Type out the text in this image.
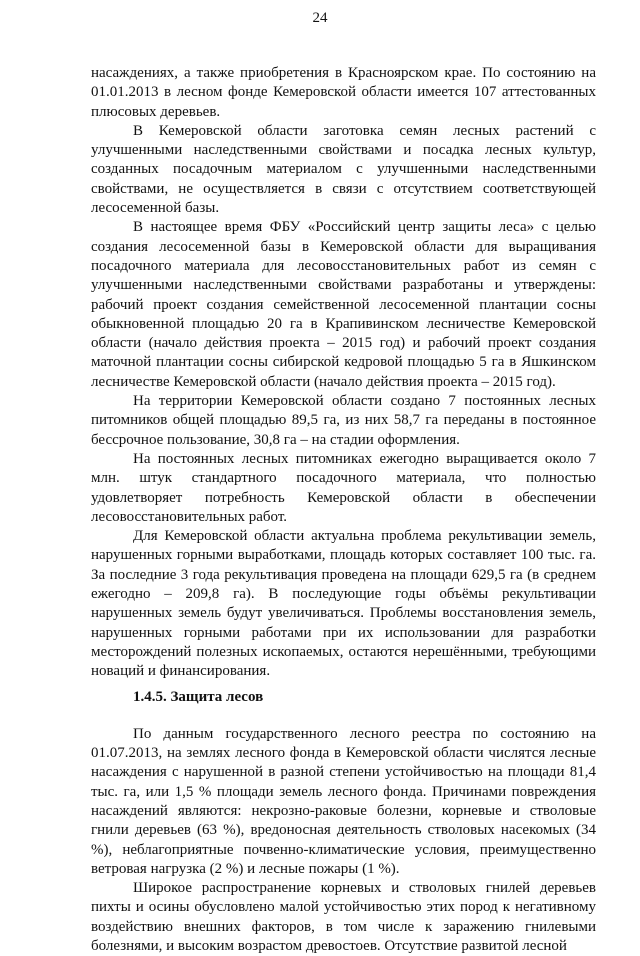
24

насаждениях, а также приобретения в Красноярском крае. По состоянию на 01.01.2013 в лесном фонде Кемеровской области имеется 107 аттестованных плюсовых деревьев.

В Кемеровской области заготовка семян лесных растений с улучшенными наследственными свойствами и посадка лесных культур, созданных посадочным материалом с улучшенными наследственными свойствами, не осуществляется в связи с отсутствием соответствующей лесосеменной базы.

В настоящее время ФБУ «Российский центр защиты леса» с целью создания лесосеменной базы в Кемеровской области для выращивания посадочного материала для лесовосстановительных работ из семян с улучшенными наследственными свойствами разработаны и утверждены: рабочий проект создания семейственной лесосеменной плантации сосны обыкновенной площадью 20 га в Крапивинском лесничестве Кемеровской области (начало действия проекта – 2015 год) и рабочий проект создания маточной плантации сосны сибирской кедровой площадью 5 га в Яшкинском лесничестве Кемеровской области (начало действия проекта – 2015 год).

На территории Кемеровской области создано 7 постоянных лесных питомников общей площадью 89,5 га, из них 58,7 га переданы в постоянное бессрочное пользование, 30,8 га – на стадии оформления.

На постоянных лесных питомниках ежегодно выращивается около 7 млн. штук стандартного посадочного материала, что полностью удовлетворяет потребность Кемеровской области в обеспечении лесовосстановительных работ.

Для Кемеровской области актуальна проблема рекультивации земель, нарушенных горными выработками, площадь которых составляет 100 тыс. га. За последние 3 года рекультивация проведена на площади 629,5 га (в среднем ежегодно – 209,8 га). В последующие годы объёмы рекультивации нарушенных земель будут увеличиваться. Проблемы восстановления земель, нарушенных горными работами при их использовании для разработки месторождений полезных ископаемых, остаются нерешёнными, требующими новаций и финансирования.

1.4.5. Защита лесов

По данным государственного лесного реестра по состоянию на 01.07.2013, на землях лесного фонда в Кемеровской области числятся лесные насаждения с нарушенной в разной степени устойчивостью на площади 81,4 тыс. га, или 1,5 % площади земель лесного фонда. Причинами повреждения насаждений являются: некрозно-раковые болезни, корневые и стволовые гнили деревьев (63 %), вредоносная деятельность стволовых насекомых (34 %), неблагоприятные почвенно-климатические условия, преимущественно ветровая нагрузка (2 %) и лесные пожары (1 %).

Широкое распространение корневых и стволовых гнилей деревьев пихты и осины обусловлено малой устойчивостью этих пород к негативному воздействию внешних факторов, в том числе к заражению гнилевыми болезнями, и высоким возрастом древостоев. Отсутствие развитой лесной
